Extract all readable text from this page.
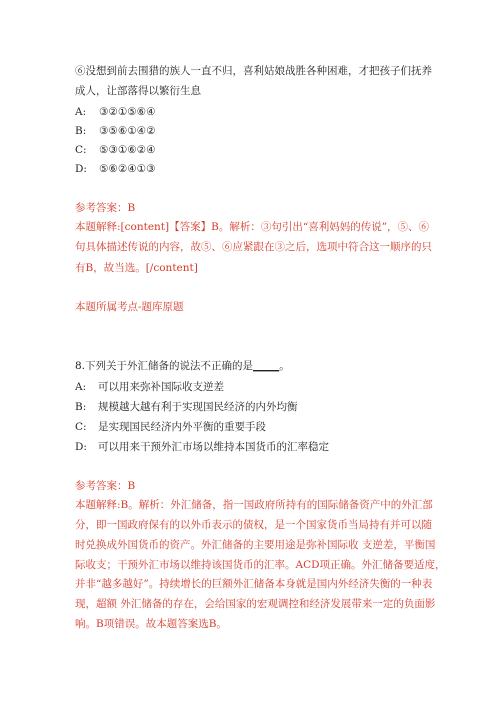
⑥没想到前去围猎的族人一直不归，喜利姑娘战胜各种困难，才把孩子们抚养
成人，让部落得以繁衍生息
A: ③②①⑤⑥④
B: ③⑤⑥①④②
C: ⑤③①⑥②④
D: ⑤⑥②④①③
参考答案：B
本题解释:[content]【答案】B。解析：③句引出“喜利妈妈的传说”，⑤、⑥
句具体描述传说的内容，故⑤、⑥应紧跟在③之后，选项中符合这一顺序的只
有B，故当选。[/content]
本题所属考点-题库原题
8.下列关于外汇储备的说法不正确的是_____。
A: 可以用来弥补国际收支逆差
B: 规模越大越有利于实现国民经济的内外均衡
C: 是实现国民经济内外平衡的重要手段
D: 可以用来干预外汇市场以维持本国货币的汇率稳定
参考答案：B
本题解释:B。解析：外汇储备，指一国政府所持有的国际储备资产中的外汇部
分，即一国政府保有的以外币表示的债权，是一个国家货币当局持有并可以随
时兑换成外国货币的资产。外汇储备的主要用途是弥补国际收 支逆差，平衡国
际收支；干预外汇市场以维持该国货币的汇率。ACD项正确。外汇储备要适度，
并非“越多越好”。持续增长的巨额外汇储备本身就是国内外经济失衡的一种表
现，超额 外汇储备的存在，会给国家的宏观调控和经济发展带来一定的负面影
响。B项错误。故本题答案选B。
